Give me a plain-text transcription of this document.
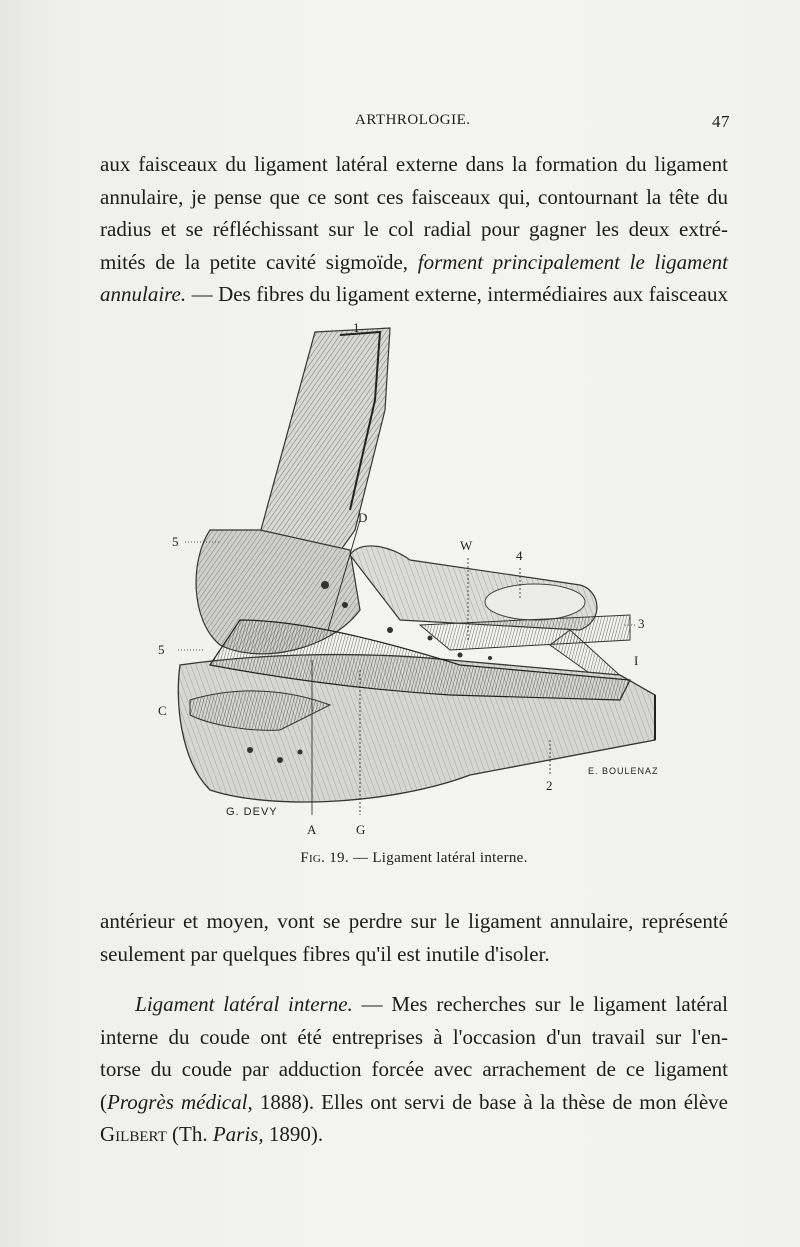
ARTHROLOGIE.	47
aux faisceaux du ligament latéral externe dans la formation du ligament
annulaire, je pense que ce sont ces faisceaux qui, contournant la tête du
radius et se réfléchissant sur le col radial pour gagner les deux extré-
mités de la petite cavité sigmoïde, forment principalement le ligament
annulaire. — Des fibres du ligament externe, intermédiaires aux faisceaux
1
5
5
C
D
W
4
3
I
2
A	G
G. DEVY
E. BOULENAZ
Fig. 19. — Ligament latéral interne.
antérieur et moyen, vont se perdre sur le ligament annulaire, représenté
seulement par quelques fibres qu'il est inutile d'isoler.
Ligament latéral interne. — Mes recherches sur le ligament latéral
interne du coude ont été entreprises à l'occasion d'un travail sur l'en-
torse du coude par adduction forcée avec arrachement de ce ligament
(Progrès médical, 1888). Elles ont servi de base à la thèse de mon élève
Gilbert (Th. Paris, 1890).
